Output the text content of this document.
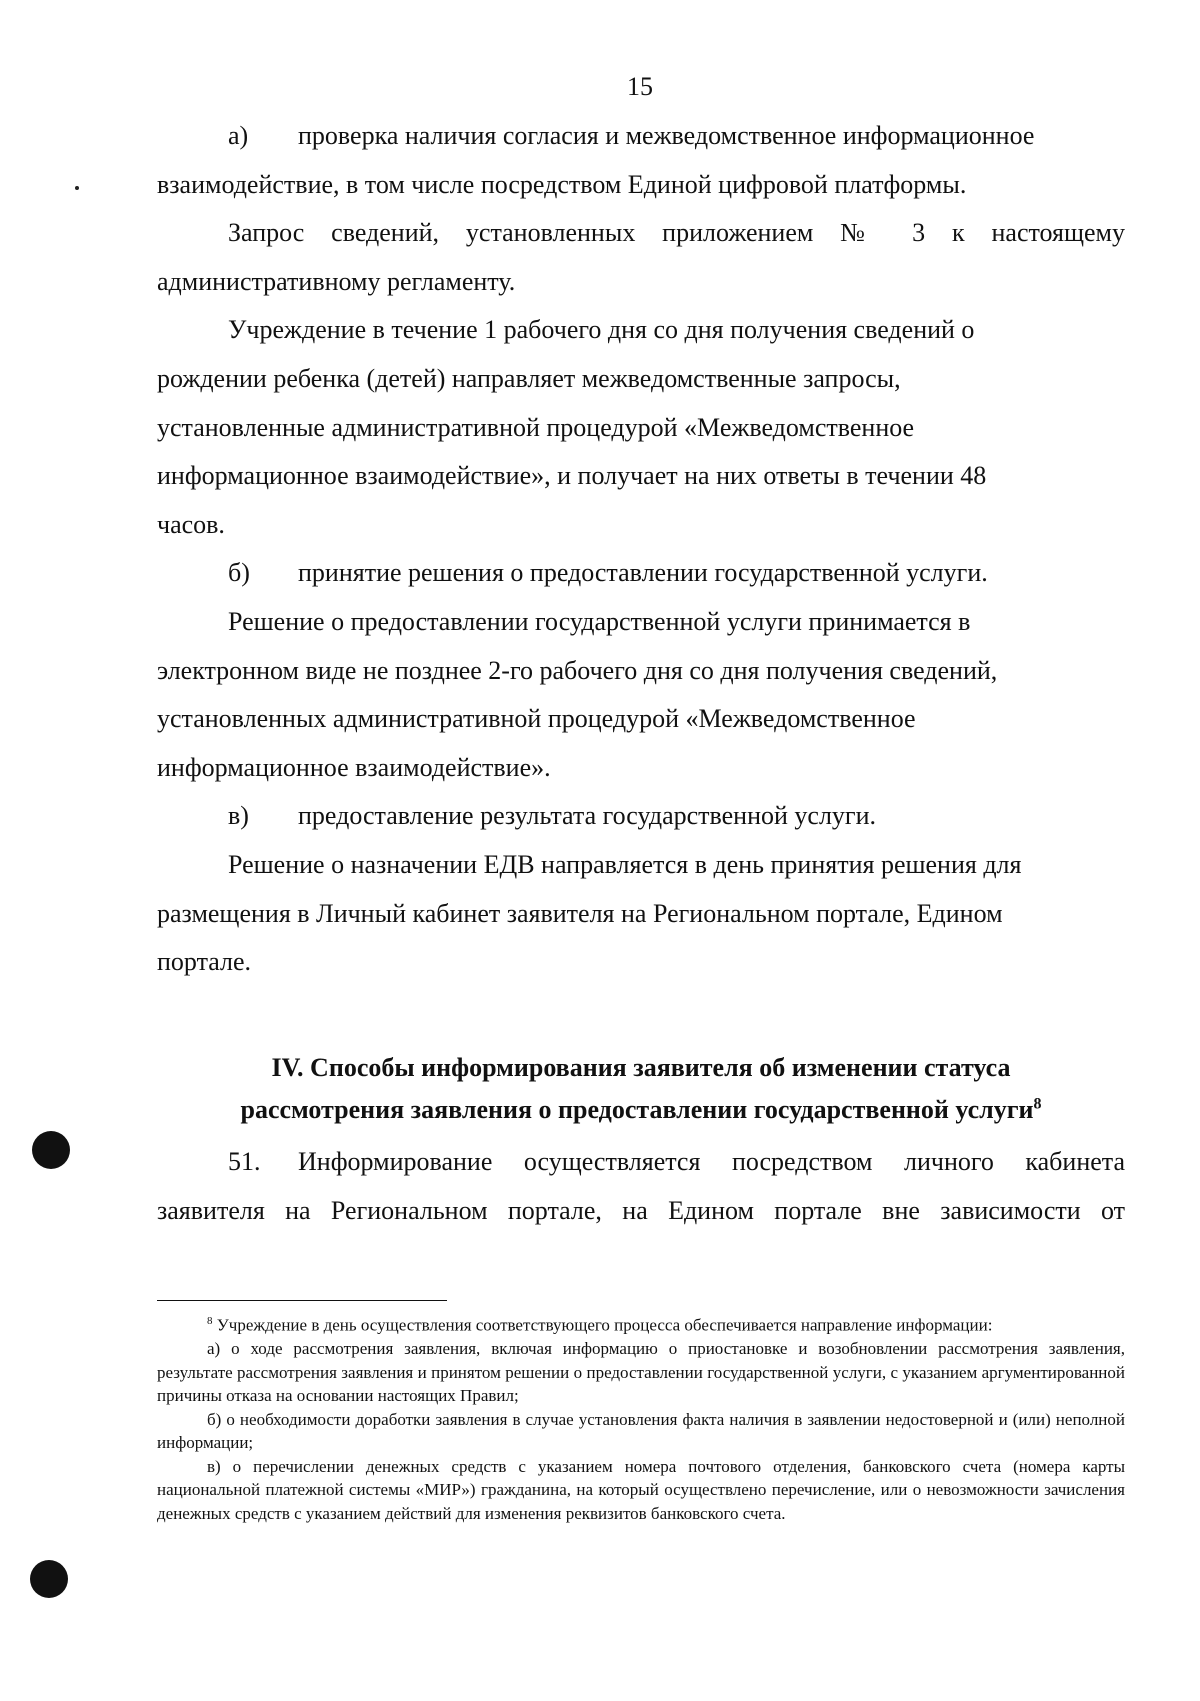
15

а) проверка наличия согласия и межведомственное информационное

взаимодействие, в том числе посредством Единой цифровой платформы.

Запрос сведений, установленных приложением № 3 к настоящему административному регламенту.

Учреждение в течение 1 рабочего дня со дня получения сведений о

рождении ребенка (детей) направляет межведомственные запросы,

установленные административной процедурой «Межведомственное

информационное взаимодействие», и получает на них ответы в течении 48

часов.

б) принятие решения о предоставлении государственной услуги.

Решение о предоставлении государственной услуги принимается в

электронном виде не позднее 2-го рабочего дня со дня получения сведений,

установленных административной процедурой «Межведомственное

информационное взаимодействие».

в) предоставление результата государственной услуги.

Решение о назначении ЕДВ направляется в день принятия решения для

размещения в Личный кабинет заявителя на Региональном портале, Едином

портале.

IV. Способы информирования заявителя об изменении статуса
рассмотрения заявления о предоставлении государственной услуги$^8$

51. Информирование осуществляется посредством личного кабинета

заявителя на Региональном портале, на Едином портале вне зависимости от

$^8$ Учреждение в день осуществления соответствующего процесса обеспечивается направление информации:

а) о ходе рассмотрения заявления, включая информацию о приостановке и возобновлении рассмотрения заявления, результате рассмотрения заявления и принятом решении о предоставлении государственной услуги, с указанием аргументированной причины отказа на основании настоящих Правил;

б) о необходимости доработки заявления в случае установления факта наличия в заявлении недостоверной и (или) неполной информации;

в) о перечислении денежных средств с указанием номера почтового отделения, банковского счета (номера карты национальной платежной системы «МИР») гражданина, на который осуществлено перечисление, или о невозможности зачисления денежных средств с указанием действий для изменения реквизитов банковского счета.
